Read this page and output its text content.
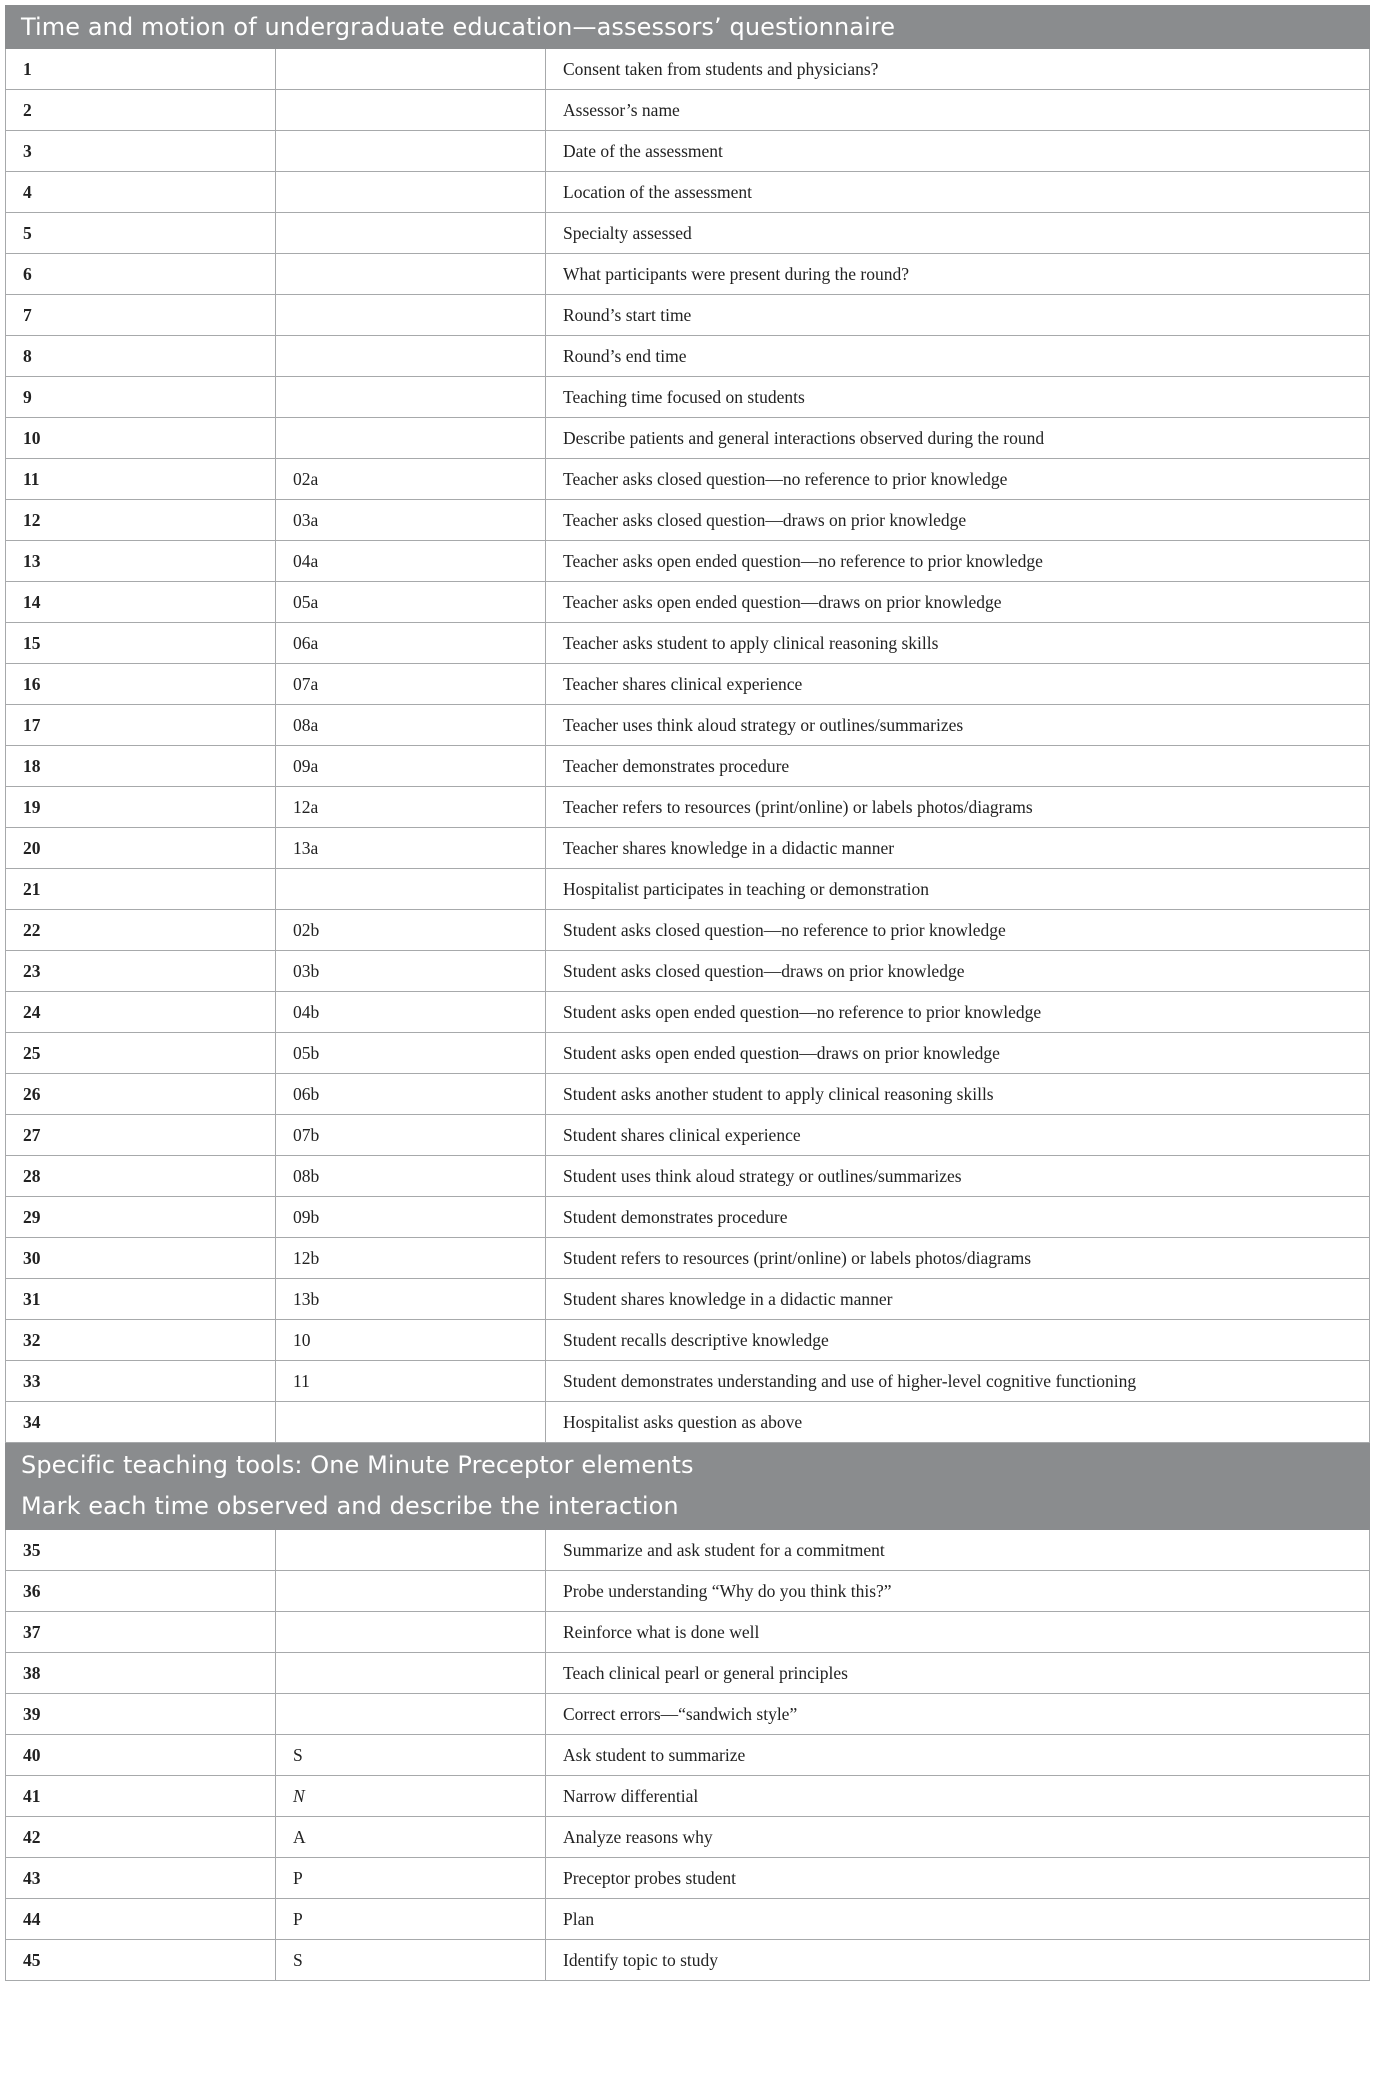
Time and motion of undergraduate education—assessors’ questionnaire		
1		Consent taken from students and physicians?
2		Assessor’s name
3		Date of the assessment
4		Location of the assessment
5		Specialty assessed
6		What participants were present during the round?
7		Round’s start time
8		Round’s end time
9		Teaching time focused on students
10		Describe patients and general interactions observed during the round
11	02a	Teacher asks closed question—no reference to prior knowledge
12	03a	Teacher asks closed question—draws on prior knowledge
13	04a	Teacher asks open ended question—no reference to prior knowledge
14	05a	Teacher asks open ended question—draws on prior knowledge
15	06a	Teacher asks student to apply clinical reasoning skills
16	07a	Teacher shares clinical experience
17	08a	Teacher uses think aloud strategy or outlines/summarizes
18	09a	Teacher demonstrates procedure
19	12a	Teacher refers to resources (print/online) or labels photos/diagrams
20	13a	Teacher shares knowledge in a didactic manner
21		Hospitalist participates in teaching or demonstration
22	02b	Student asks closed question—no reference to prior knowledge
23	03b	Student asks closed question—draws on prior knowledge
24	04b	Student asks open ended question—no reference to prior knowledge
25	05b	Student asks open ended question—draws on prior knowledge
26	06b	Student asks another student to apply clinical reasoning skills
27	07b	Student shares clinical experience
28	08b	Student uses think aloud strategy or outlines/summarizes
29	09b	Student demonstrates procedure
30	12b	Student refers to resources (print/online) or labels photos/diagrams
31	13b	Student shares knowledge in a didactic manner
32	10	Student recalls descriptive knowledge
33	11	Student demonstrates understanding and use of higher-level cognitive functioning
34		Hospitalist asks question as above

Specific teaching tools: One Minute Preceptor elements
Mark each time observed and describe the interaction		

35		Summarize and ask student for a commitment
36		Probe understanding “Why do you think this?”
37		Reinforce what is done well
38		Teach clinical pearl or general principles
39		Correct errors—“sandwich style”
40	S	Ask student to summarize
41	N	Narrow differential
42	A	Analyze reasons why
43	P	Preceptor probes student
44	P	Plan
45	S	Identify topic to study
